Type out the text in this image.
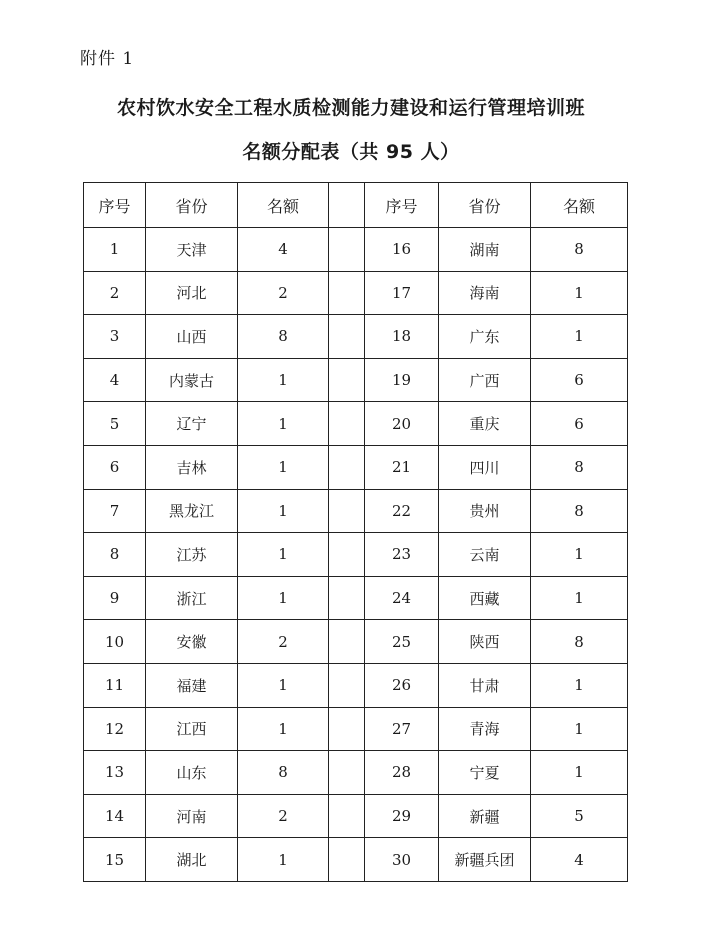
附件 1
农村饮水安全工程水质检测能力建设和运行管理培训班
名额分配表（共 95 人）
序号	省份	名额		序号	省份	名额
1	天津	4		16	湖南	8
2	河北	2		17	海南	1
3	山西	8		18	广东	1
4	内蒙古	1		19	广西	6
5	辽宁	1		20	重庆	6
6	吉林	1		21	四川	8
7	黑龙江	1		22	贵州	8
8	江苏	1		23	云南	1
9	浙江	1		24	西藏	1
10	安徽	2		25	陕西	8
11	福建	1		26	甘肃	1
12	江西	1		27	青海	1
13	山东	8		28	宁夏	1
14	河南	2		29	新疆	5
15	湖北	1		30	新疆兵团	4
